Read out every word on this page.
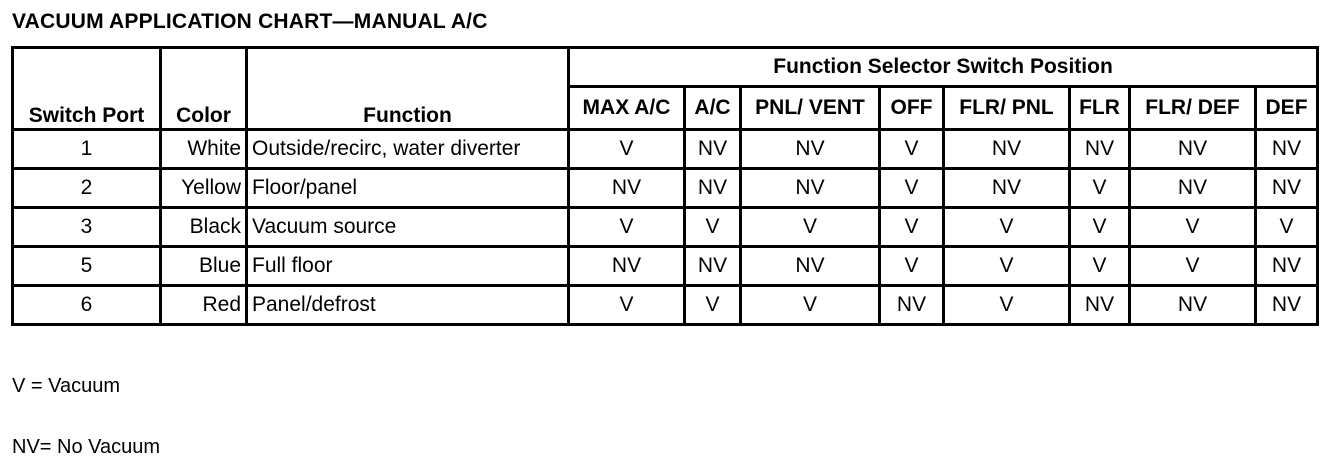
VACUUM APPLICATION CHART—MANUAL A/C
Switch Port	Color	Function	Function Selector Switch Position							
			MAX A/C	A/C	PNL/ VENT	OFF	FLR/ PNL	FLR	FLR/ DEF	DEF
1	White	Outside/recirc, water diverter	V	NV	NV	V	NV	NV	NV	NV
2	Yellow	Floor/panel	NV	NV	NV	V	NV	V	NV	NV
3	Black	Vacuum source	V	V	V	V	V	V	V	V
5	Blue	Full floor	NV	NV	NV	V	V	V	V	NV
6	Red	Panel/defrost	V	V	V	NV	V	NV	NV	NV
V = Vacuum
NV= No Vacuum
